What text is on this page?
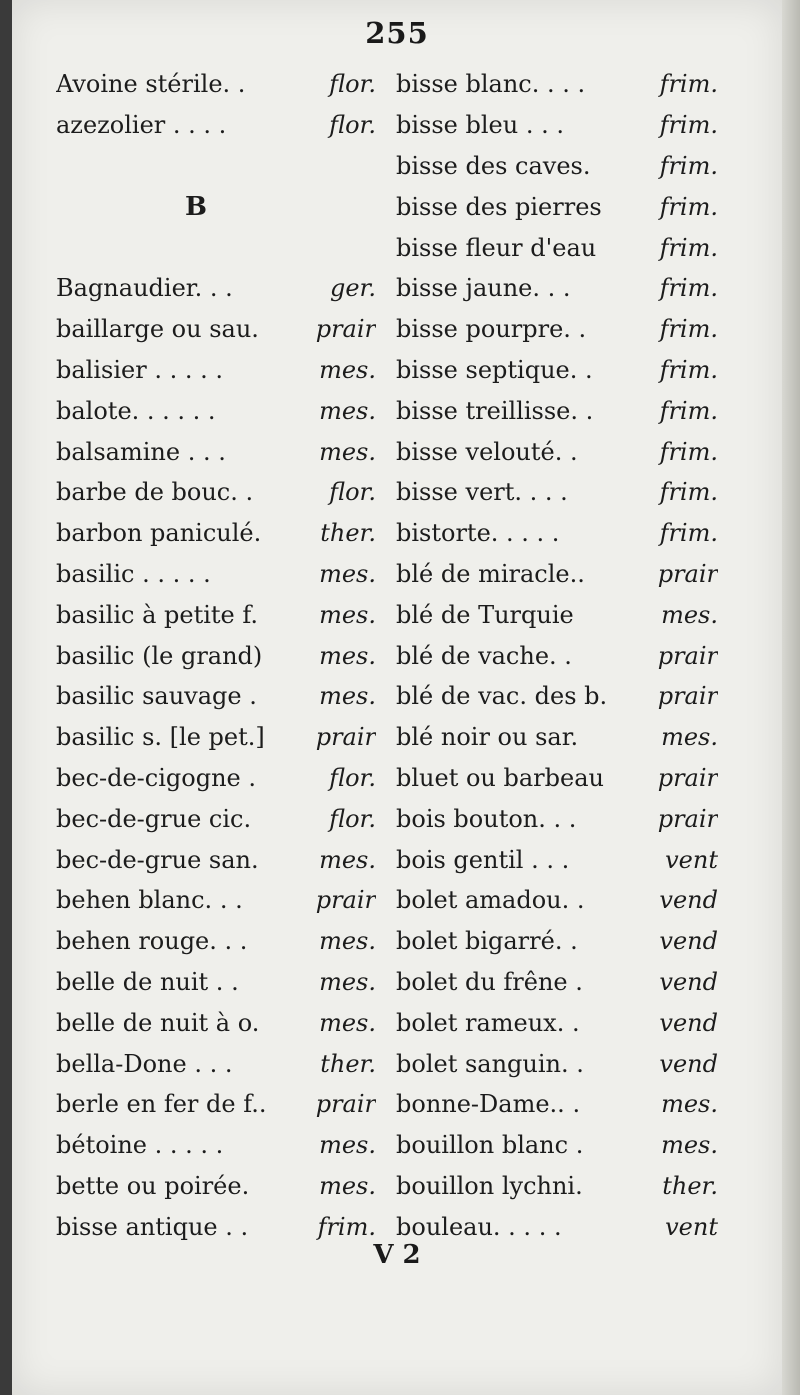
255
Avoine stérile. .	flor.
azezolier . . . .	flor.
B
Bagnaudier. . .	ger.
baillarge ou sau.	prair
balisier . . . . .	mes.
balote. . . . . .	mes.
balsamine . . .	mes.
barbe de bouc. .	flor.
barbon paniculé.	ther.
basilic . . . . .	mes.
basilic à petite f.	mes.
basilic (le grand)	mes.
basilic sauvage .	mes.
basilic s. [le pet.]	prair
bec-de-cigogne .	flor.
bec-de-grue cic.	flor.
bec-de-grue san.	mes.
behen blanc. . .	prair
behen rouge. . .	mes.
belle de nuit . .	mes.
belle de nuit à o.	mes.
bella-Done . . .	ther.
berle en fer de f..	prair
bétoine . . . . .	mes.
bette ou poirée.	mes.
bisse antique . .	frim.
bisse blanc. . . .	frim.
bisse bleu . . .	frim.
bisse des caves.	frim.
bisse des pierres	frim.
bisse fleur d'eau	frim.
bisse jaune. . .	frim.
bisse pourpre. .	frim.
bisse septique. .	frim.
bisse treillisse. .	frim.
bisse velouté. .	frim.
bisse vert. . . .	frim.
bistorte. . . . .	frim.
blé de miracle..	prair
blé de Turquie	mes.
blé de vache. .	prair
blé de vac. des b.	prair
blé noir ou sar.	mes.
bluet ou barbeau	prair
bois bouton. . .	prair
bois gentil . . .	vent
bolet amadou. .	vend
bolet bigarré. .	vend
bolet du frêne .	vend
bolet rameux. .	vend
bolet sanguin. .	vend
bonne-Dame.. .	mes.
bouillon blanc .	mes.
bouillon lychni.	ther.
bouleau. . . . .	vent
V 2
